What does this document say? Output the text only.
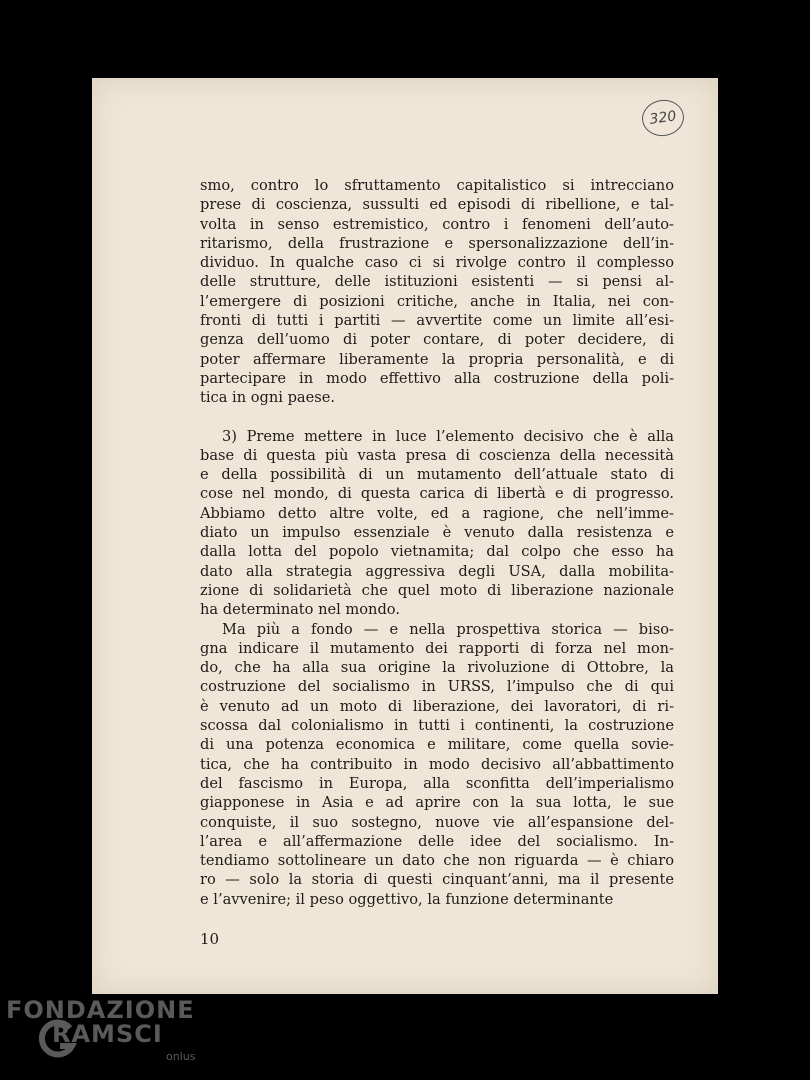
320
smo, contro lo sfruttamento capitalistico si intrecciano
prese di coscienza, sussulti ed episodi di ribellione, e tal-
volta in senso estremistico, contro i fenomeni dell’auto-
ritarismo, della frustrazione e spersonalizzazione dell’in-
dividuo. In qualche caso ci si rivolge contro il complesso
delle strutture, delle istituzioni esistenti — si pensi al-
l’emergere di posizioni critiche, anche in Italia, nei con-
fronti di tutti i partiti — avvertite come un limite all’esi-
genza dell’uomo di poter contare, di poter decidere, di
poter affermare liberamente la propria personalità, e di
partecipare in modo effettivo alla costruzione della poli-
tica in ogni paese.
3) Preme mettere in luce l’elemento decisivo che è alla
base di questa più vasta presa di coscienza della necessità
e della possibilità di un mutamento dell’attuale stato di
cose nel mondo, di questa carica di libertà e di progresso.
Abbiamo detto altre volte, ed a ragione, che nell’imme-
diato un impulso essenziale è venuto dalla resistenza e
dalla lotta del popolo vietnamita; dal colpo che esso ha
dato alla strategia aggressiva degli USA, dalla mobilita-
zione di solidarietà che quel moto di liberazione nazionale
ha determinato nel mondo.
Ma più a fondo — e nella prospettiva storica — biso-
gna indicare il mutamento dei rapporti di forza nel mon-
do, che ha alla sua origine la rivoluzione di Ottobre, la
costruzione del socialismo in URSS, l’impulso che di qui
è venuto ad un moto di liberazione, dei lavoratori, di ri-
scossa dal colonialismo in tutti i continenti, la costruzione
di una potenza economica e militare, come quella sovie-
tica, che ha contribuito in modo decisivo all’abbattimento
del fascismo in Europa, alla sconfitta dell’imperialismo
giapponese in Asia e ad aprire con la sua lotta, le sue
conquiste, il suo sostegno, nuove vie all’espansione del-
l’area e all’affermazione delle idee del socialismo. In-
tendiamo sottolineare un dato che non riguarda — è chiaro
ro — solo la storia di questi cinquant’anni, ma il presente
e l’avvenire; il peso oggettivo, la funzione determinante
10
FONDAZIONE
RAMSCI
onlus
